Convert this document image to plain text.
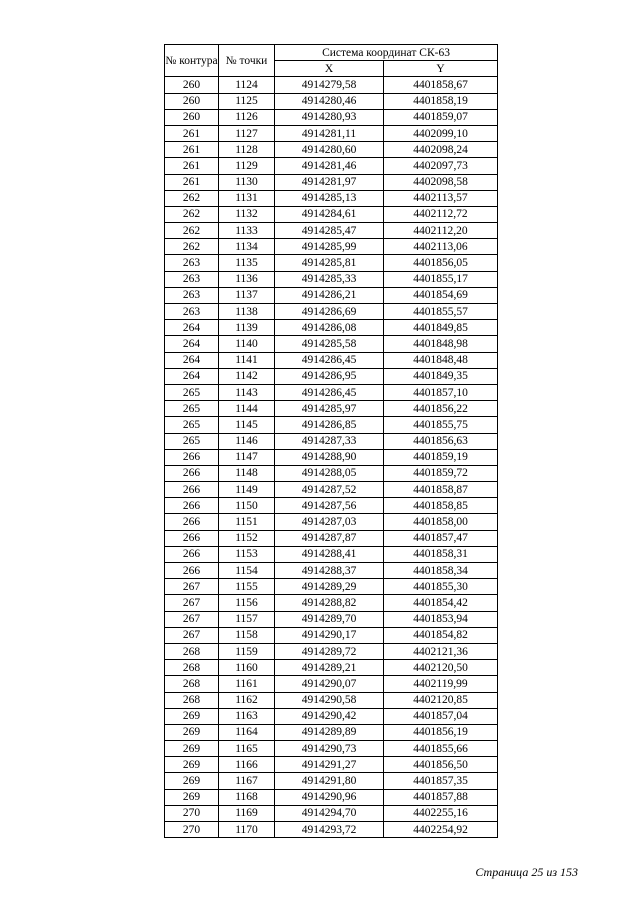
№ контура	№ точки	Система координат СК-63	
		X	Y
260	1124	4914279,58	4401858,67
260	1125	4914280,46	4401858,19
260	1126	4914280,93	4401859,07
261	1127	4914281,11	4402099,10
261	1128	4914280,60	4402098,24
261	1129	4914281,46	4402097,73
261	1130	4914281,97	4402098,58
262	1131	4914285,13	4402113,57
262	1132	4914284,61	4402112,72
262	1133	4914285,47	4402112,20
262	1134	4914285,99	4402113,06
263	1135	4914285,81	4401856,05
263	1136	4914285,33	4401855,17
263	1137	4914286,21	4401854,69
263	1138	4914286,69	4401855,57
264	1139	4914286,08	4401849,85
264	1140	4914285,58	4401848,98
264	1141	4914286,45	4401848,48
264	1142	4914286,95	4401849,35
265	1143	4914286,45	4401857,10
265	1144	4914285,97	4401856,22
265	1145	4914286,85	4401855,75
265	1146	4914287,33	4401856,63
266	1147	4914288,90	4401859,19
266	1148	4914288,05	4401859,72
266	1149	4914287,52	4401858,87
266	1150	4914287,56	4401858,85
266	1151	4914287,03	4401858,00
266	1152	4914287,87	4401857,47
266	1153	4914288,41	4401858,31
266	1154	4914288,37	4401858,34
267	1155	4914289,29	4401855,30
267	1156	4914288,82	4401854,42
267	1157	4914289,70	4401853,94
267	1158	4914290,17	4401854,82
268	1159	4914289,72	4402121,36
268	1160	4914289,21	4402120,50
268	1161	4914290,07	4402119,99
268	1162	4914290,58	4402120,85
269	1163	4914290,42	4401857,04
269	1164	4914289,89	4401856,19
269	1165	4914290,73	4401855,66
269	1166	4914291,27	4401856,50
269	1167	4914291,80	4401857,35
269	1168	4914290,96	4401857,88
270	1169	4914294,70	4402255,16
270	1170	4914293,72	4402254,92
Страница 25 из 153
